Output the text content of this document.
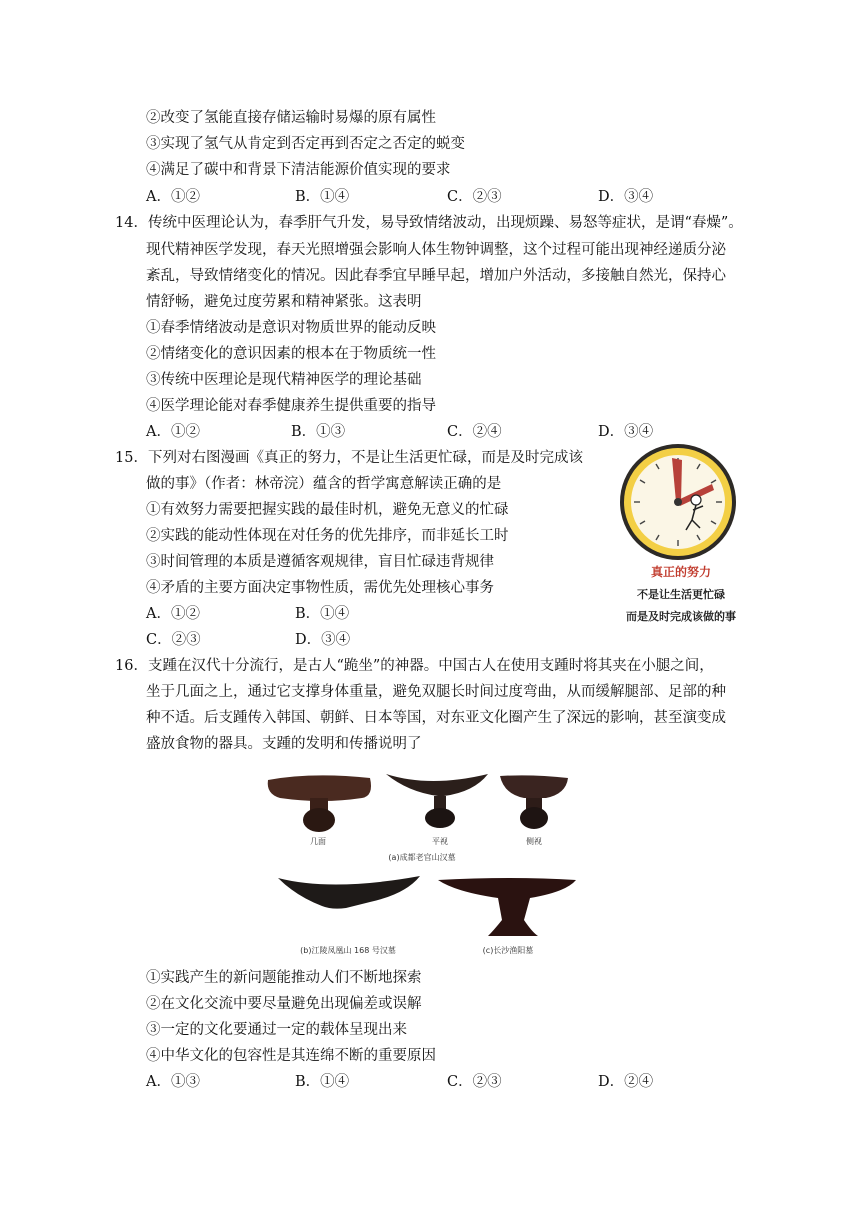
②改变了氢能直接存储运输时易爆的原有属性
③实现了氢气从肯定到否定再到否定之否定的蜕变
④满足了碳中和背景下清洁能源价值实现的要求
A．①②	B．①④	C．②③	D．③④
14．传统中医理论认为，春季肝气升发，易导致情绪波动，出现烦躁、易怒等症状，是谓“春燥”。
现代精神医学发现，春天光照增强会影响人体生物钟调整，这个过程可能出现神经递质分泌
紊乱，导致情绪变化的情况。因此春季宜早睡早起，增加户外活动，多接触自然光，保持心
情舒畅，避免过度劳累和精神紧张。这表明
①春季情绪波动是意识对物质世界的能动反映
②情绪变化的意识因素的根本在于物质统一性
③传统中医理论是现代精神医学的理论基础
④医学理论能对春季健康养生提供重要的指导
A．①②	B．①③	C．②④	D．③④
15．下列对右图漫画《真正的努力，不是让生活更忙碌，而是及时完成该
做的事》（作者：林帝浣）蕴含的哲学寓意解读正确的是
①有效努力需要把握实践的最佳时机，避免无意义的忙碌
②实践的能动性体现在对任务的优先排序，而非延长工时
③时间管理的本质是遵循客观规律，盲目忙碌违背规律
④矛盾的主要方面决定事物性质，需优先处理核心事务
A．①②	B．①④
C．②③	D．③④
真正的努力
不是让生活更忙碌
而是及时完成该做的事
16．支踵在汉代十分流行，是古人“跪坐”的神器。中国古人在使用支踵时将其夹在小腿之间，
坐于几面之上，通过它支撑身体重量，避免双腿长时间过度弯曲，从而缓解腿部、足部的种
种不适。后支踵传入韩国、朝鲜、日本等国，对东亚文化圈产生了深远的影响，甚至演变成
盛放食物的器具。支踵的发明和传播说明了
几面	平视	侧视
(a)成都老官山汉墓
(b)江陵凤凰山 168 号汉墓	(c)长沙渔阳墓
①实践产生的新问题能推动人们不断地探索
②在文化交流中要尽量避免出现偏差或误解
③一定的文化要通过一定的载体呈现出来
④中华文化的包容性是其连绵不断的重要原因
A．①③	B．①④	C．②③	D．②④
